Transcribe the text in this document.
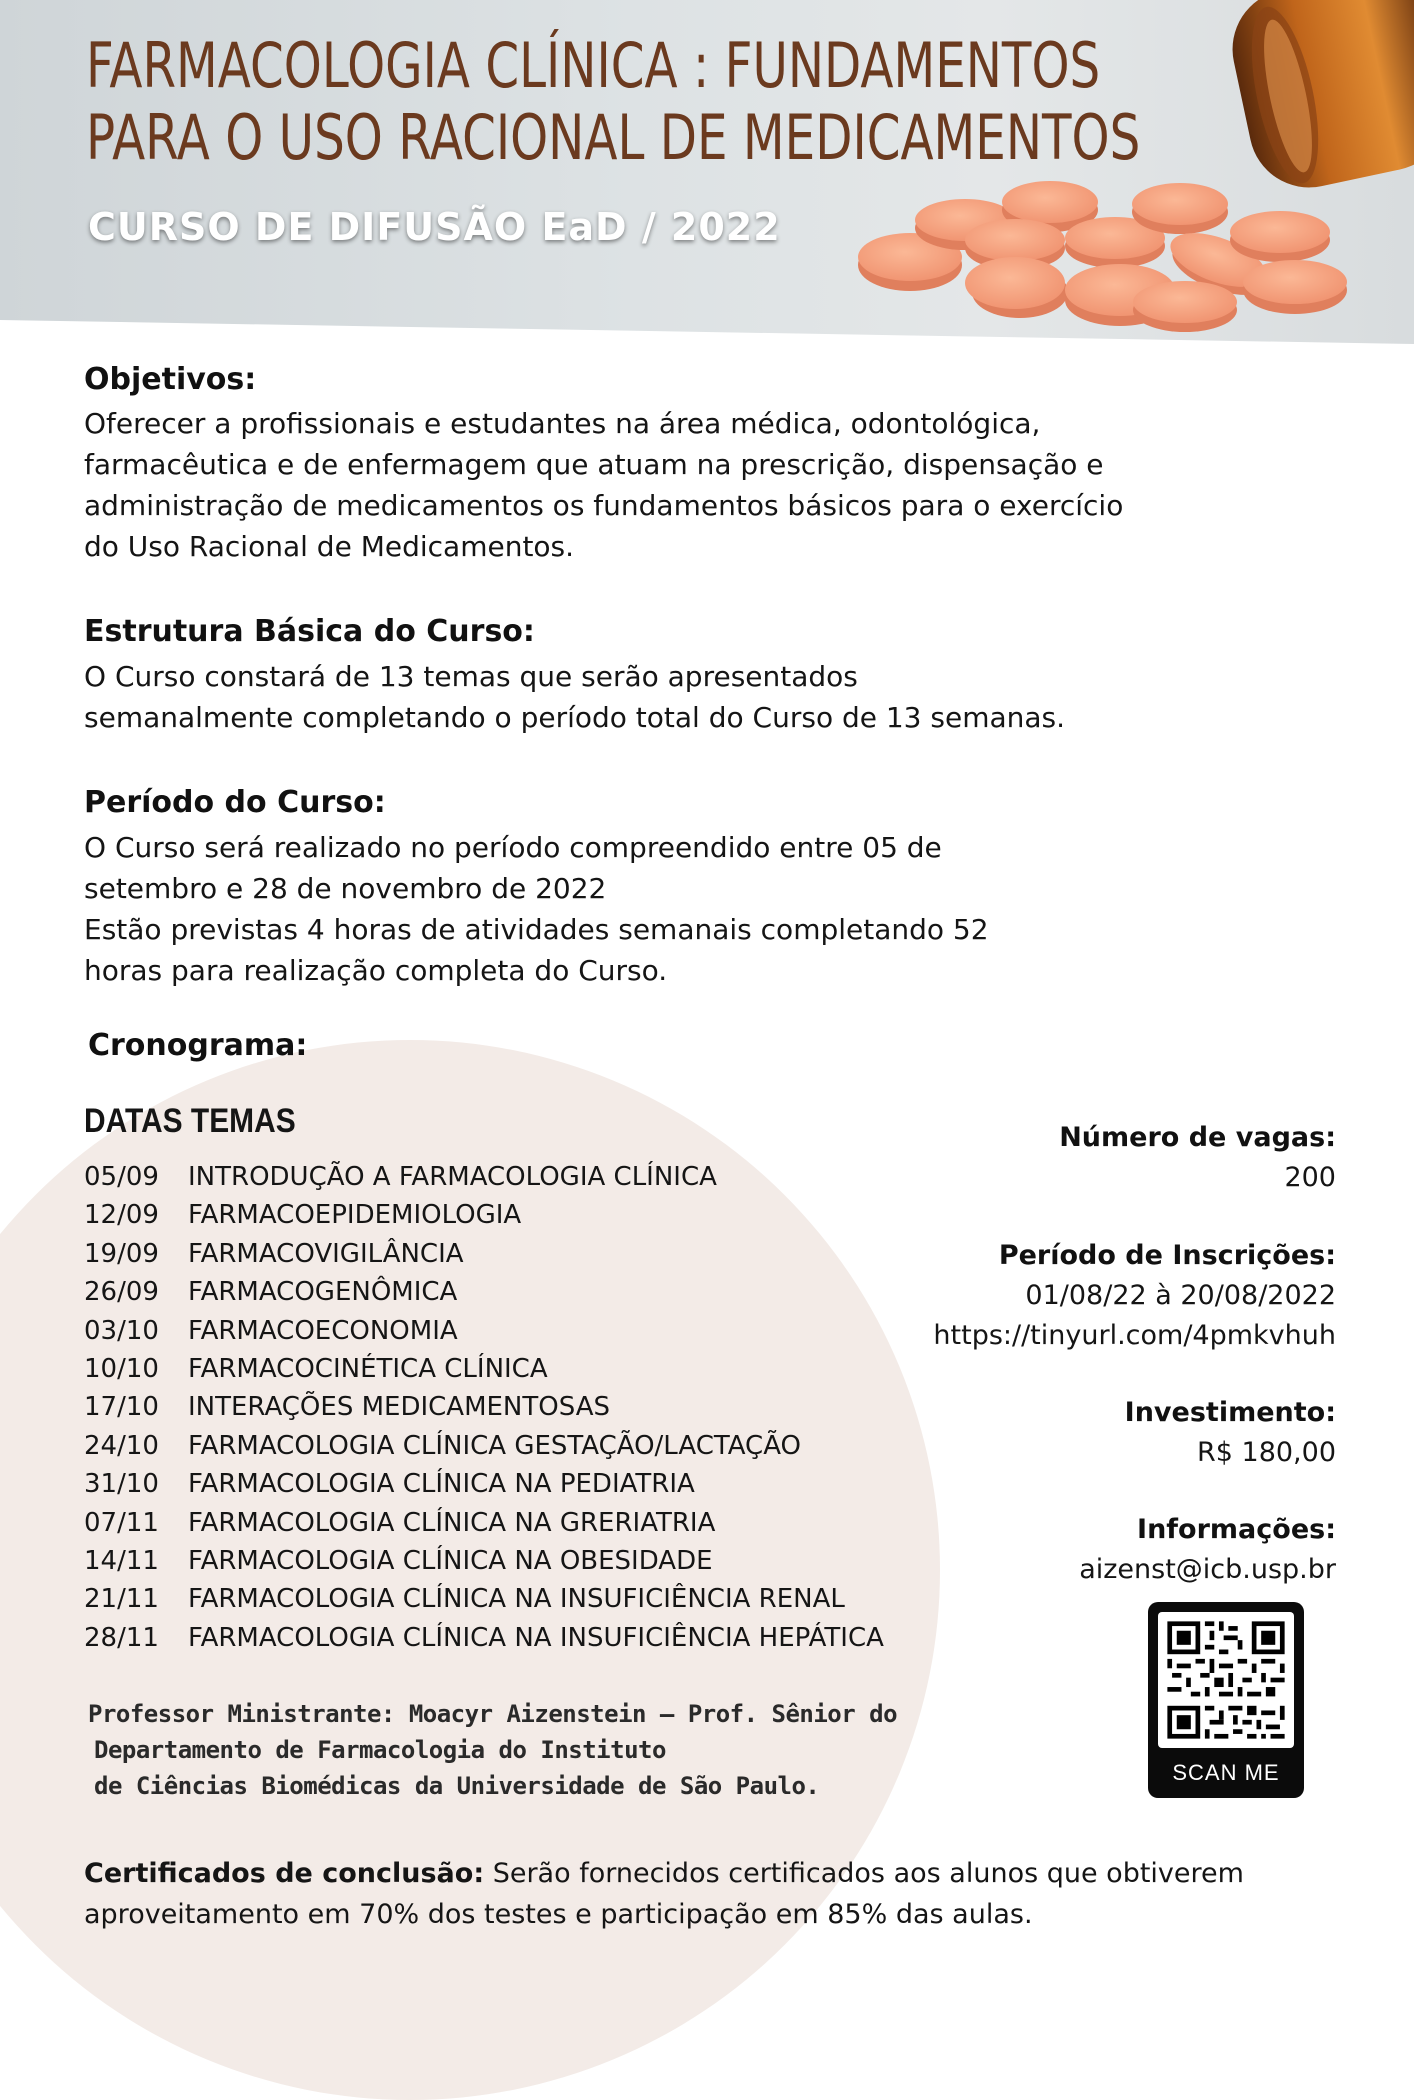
FARMACOLOGIA CLÍNICA : FUNDAMENTOS
PARA O USO RACIONAL DE MEDICAMENTOS
CURSO DE DIFUSÃO EaD / 2022
Objetivos:
Oferecer a profissionais e estudantes na área médica, odontológica,
farmacêutica e de enfermagem que atuam na prescrição, dispensação e
administração de medicamentos os fundamentos básicos para o exercício
do Uso Racional de Medicamentos.
Estrutura Básica do Curso:
O Curso constará de 13 temas que serão apresentados
semanalmente completando o período total do Curso de 13 semanas.
Período do Curso:
O Curso será realizado no período compreendido entre 05 de
setembro e 28 de novembro de 2022
Estão previstas 4 horas de atividades semanais completando 52
horas para realização completa do Curso.
Cronograma:
DATAS TEMAS
05/09 INTRODUÇÃO A FARMACOLOGIA CLÍNICA
12/09 FARMACOEPIDEMIOLOGIA
19/09 FARMACOVIGILÂNCIA
26/09 FARMACOGENÔMICA
03/10 FARMACOECONOMIA
10/10 FARMACOCINÉTICA CLÍNICA
17/10 INTERAÇÕES MEDICAMENTOSAS
24/10 FARMACOLOGIA CLÍNICA GESTAÇÃO/LACTAÇÃO
31/10 FARMACOLOGIA CLÍNICA NA PEDIATRIA
07/11 FARMACOLOGIA CLÍNICA NA GRERIATRIA
14/11 FARMACOLOGIA CLÍNICA NA OBESIDADE
21/11 FARMACOLOGIA CLÍNICA NA INSUFICIÊNCIA RENAL
28/11 FARMACOLOGIA CLÍNICA NA INSUFICIÊNCIA HEPÁTICA
Professor Ministrante: Moacyr Aizenstein – Prof. Sênior do
Departamento de Farmacologia do Instituto
de Ciências Biomédicas da Universidade de São Paulo.
Número de vagas:
200
Período de Inscrições:
01/08/22 à 20/08/2022
https://tinyurl.com/4pmkvhuh
Investimento:
R$ 180,00
Informações:
aizenst@icb.usp.br
SCAN ME
Certificados de conclusão: Serão fornecidos certificados aos alunos que obtiverem
aproveitamento em 70% dos testes e participação em 85% das aulas.
